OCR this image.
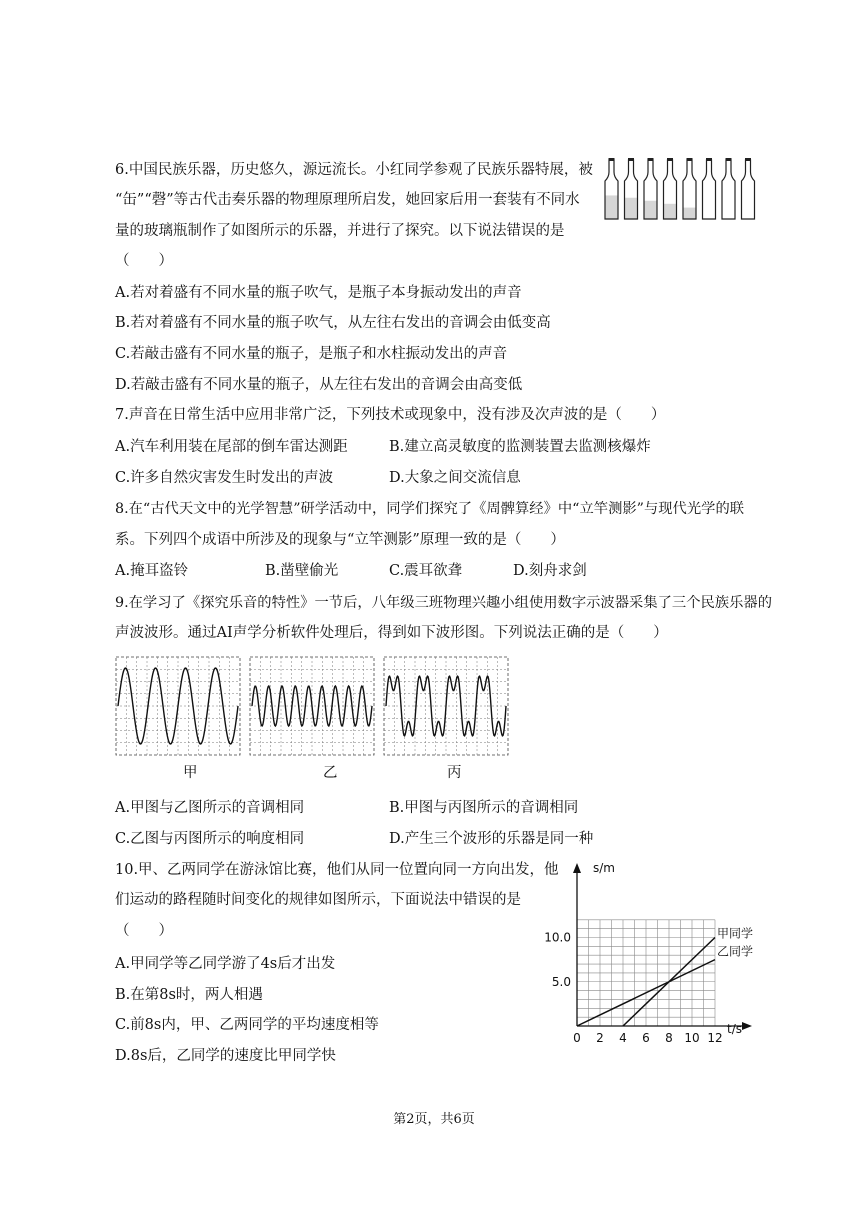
6.中国民族乐器，历史悠久，源远流长。小红同学参观了民族乐器特展，被
“缶”“磬”等古代击奏乐器的物理原理所启发，她回家后用一套装有不同水
量的玻璃瓶制作了如图所示的乐器，并进行了探究。以下说法错误的是
（　　）
A.若对着盛有不同水量的瓶子吹气，是瓶子本身振动发出的声音
B.若对着盛有不同水量的瓶子吹气，从左往右发出的音调会由低变高
C.若敲击盛有不同水量的瓶子，是瓶子和水柱振动发出的声音
D.若敲击盛有不同水量的瓶子，从左往右发出的音调会由高变低
7.声音在日常生活中应用非常广泛，下列技术或现象中，没有涉及次声波的是（　　）
A.汽车利用装在尾部的倒车雷达测距	B.建立高灵敏度的监测装置去监测核爆炸
C.许多自然灾害发生时发出的声波	D.大象之间交流信息
8.在“古代天文中的光学智慧”研学活动中，同学们探究了《周髀算经》中“立竿测影”与现代光学的联
系。下列四个成语中所涉及的现象与“立竿测影”原理一致的是（　　）
A.掩耳盗铃	B.凿壁偷光	C.震耳欲聋	D.刻舟求剑
9.在学习了《探究乐音的特性》一节后，八年级三班物理兴趣小组使用数字示波器采集了三个民族乐器的
声波波形。通过AI声学分析软件处理后，得到如下波形图。下列说法正确的是（　　）
甲	乙	丙
A.甲图与乙图所示的音调相同	B.甲图与丙图所示的音调相同
C.乙图与丙图所示的响度相同	D.产生三个波形的乐器是同一种
10.甲、乙两同学在游泳馆比赛，他们从同一位置向同一方向出发，他
们运动的路程随时间变化的规律如图所示，下面说法中错误的是
（　　）
A.甲同学等乙同学游了4s后才出发
B.在第8s时，两人相遇
C.前8s内，甲、乙两同学的平均速度相等
D.8s后，乙同学的速度比甲同学快
s/m
t/s
0 2 4 6 8 10 12
5.0
10.0	甲同学
乙同学
第2页，共6页
